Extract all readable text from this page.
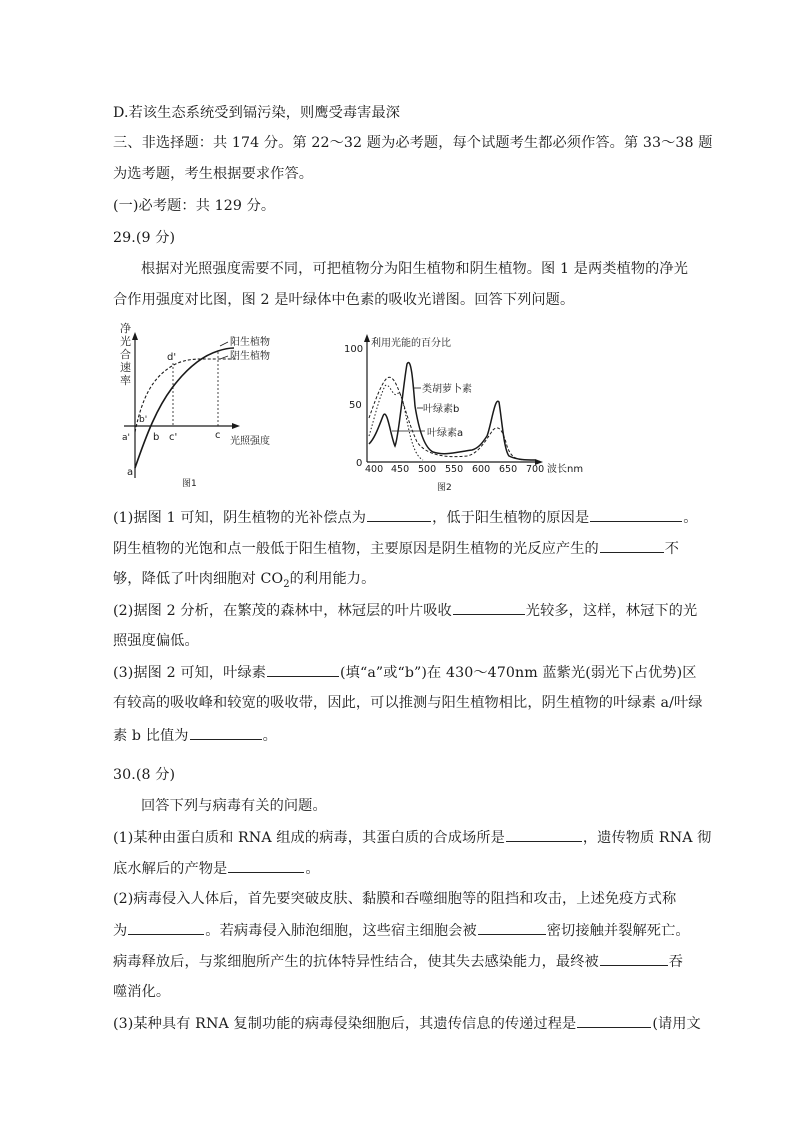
D.若该生态系统受到镉污染，则鹰受毒害最深
三、非选择题：共 174 分。第 22～32 题为必考题，每个试题考生都必须作答。第 33～38 题
为选考题，考生根据要求作答。
(一)必考题：共 129 分。
29.(9 分)
根据对光照强度需要不同，可把植物分为阳生植物和阴生植物。图 1 是两类植物的净光
合作用强度对比图，图 2 是叶绿体中色素的吸收光谱图。回答下列问题。
净
光
合
速
率
光照强度
阳生植物
阴生植物
d'
b'
a' b c'	c
a
图1
利用光能的百分比
100
50
0
400 450 500 550 600 650 700 波长nm
类胡萝卜素
叶绿素b
叶绿素a
图2
(1)据图 1 可知，阴生植物的光补偿点为	，低于阳生植物的原因是	。
阴生植物的光饱和点一般低于阳生植物，主要原因是阴生植物的光反应产生的	不
够，降低了叶肉细胞对 $CO_2$的利用能力。
(2)据图 2 分析，在繁茂的森林中，林冠层的叶片吸收	光较多，这样，林冠下的光
照强度偏低。
(3)据图 2 可知，叶绿素	(填“a”或“b”)在 430～470nm 蓝紫光(弱光下占优势)区
有较高的吸收峰和较宽的吸收带，因此，可以推测与阳生植物相比，阴生植物的叶绿素 a/叶绿
素 b 比值为	。
30.(8 分)
回答下列与病毒有关的问题。
(1)某种由蛋白质和 RNA 组成的病毒，其蛋白质的合成场所是	，遗传物质 RNA 彻
底水解后的产物是	。
(2)病毒侵入人体后，首先要突破皮肤、黏膜和吞噬细胞等的阻挡和攻击，上述免疫方式称
为	。若病毒侵入肺泡细胞，这些宿主细胞会被	密切接触并裂解死亡。
病毒释放后，与浆细胞所产生的抗体特异性结合，使其失去感染能力，最终被	吞
噬消化。
(3)某种具有 RNA 复制功能的病毒侵染细胞后，其遗传信息的传递过程是	(请用文
